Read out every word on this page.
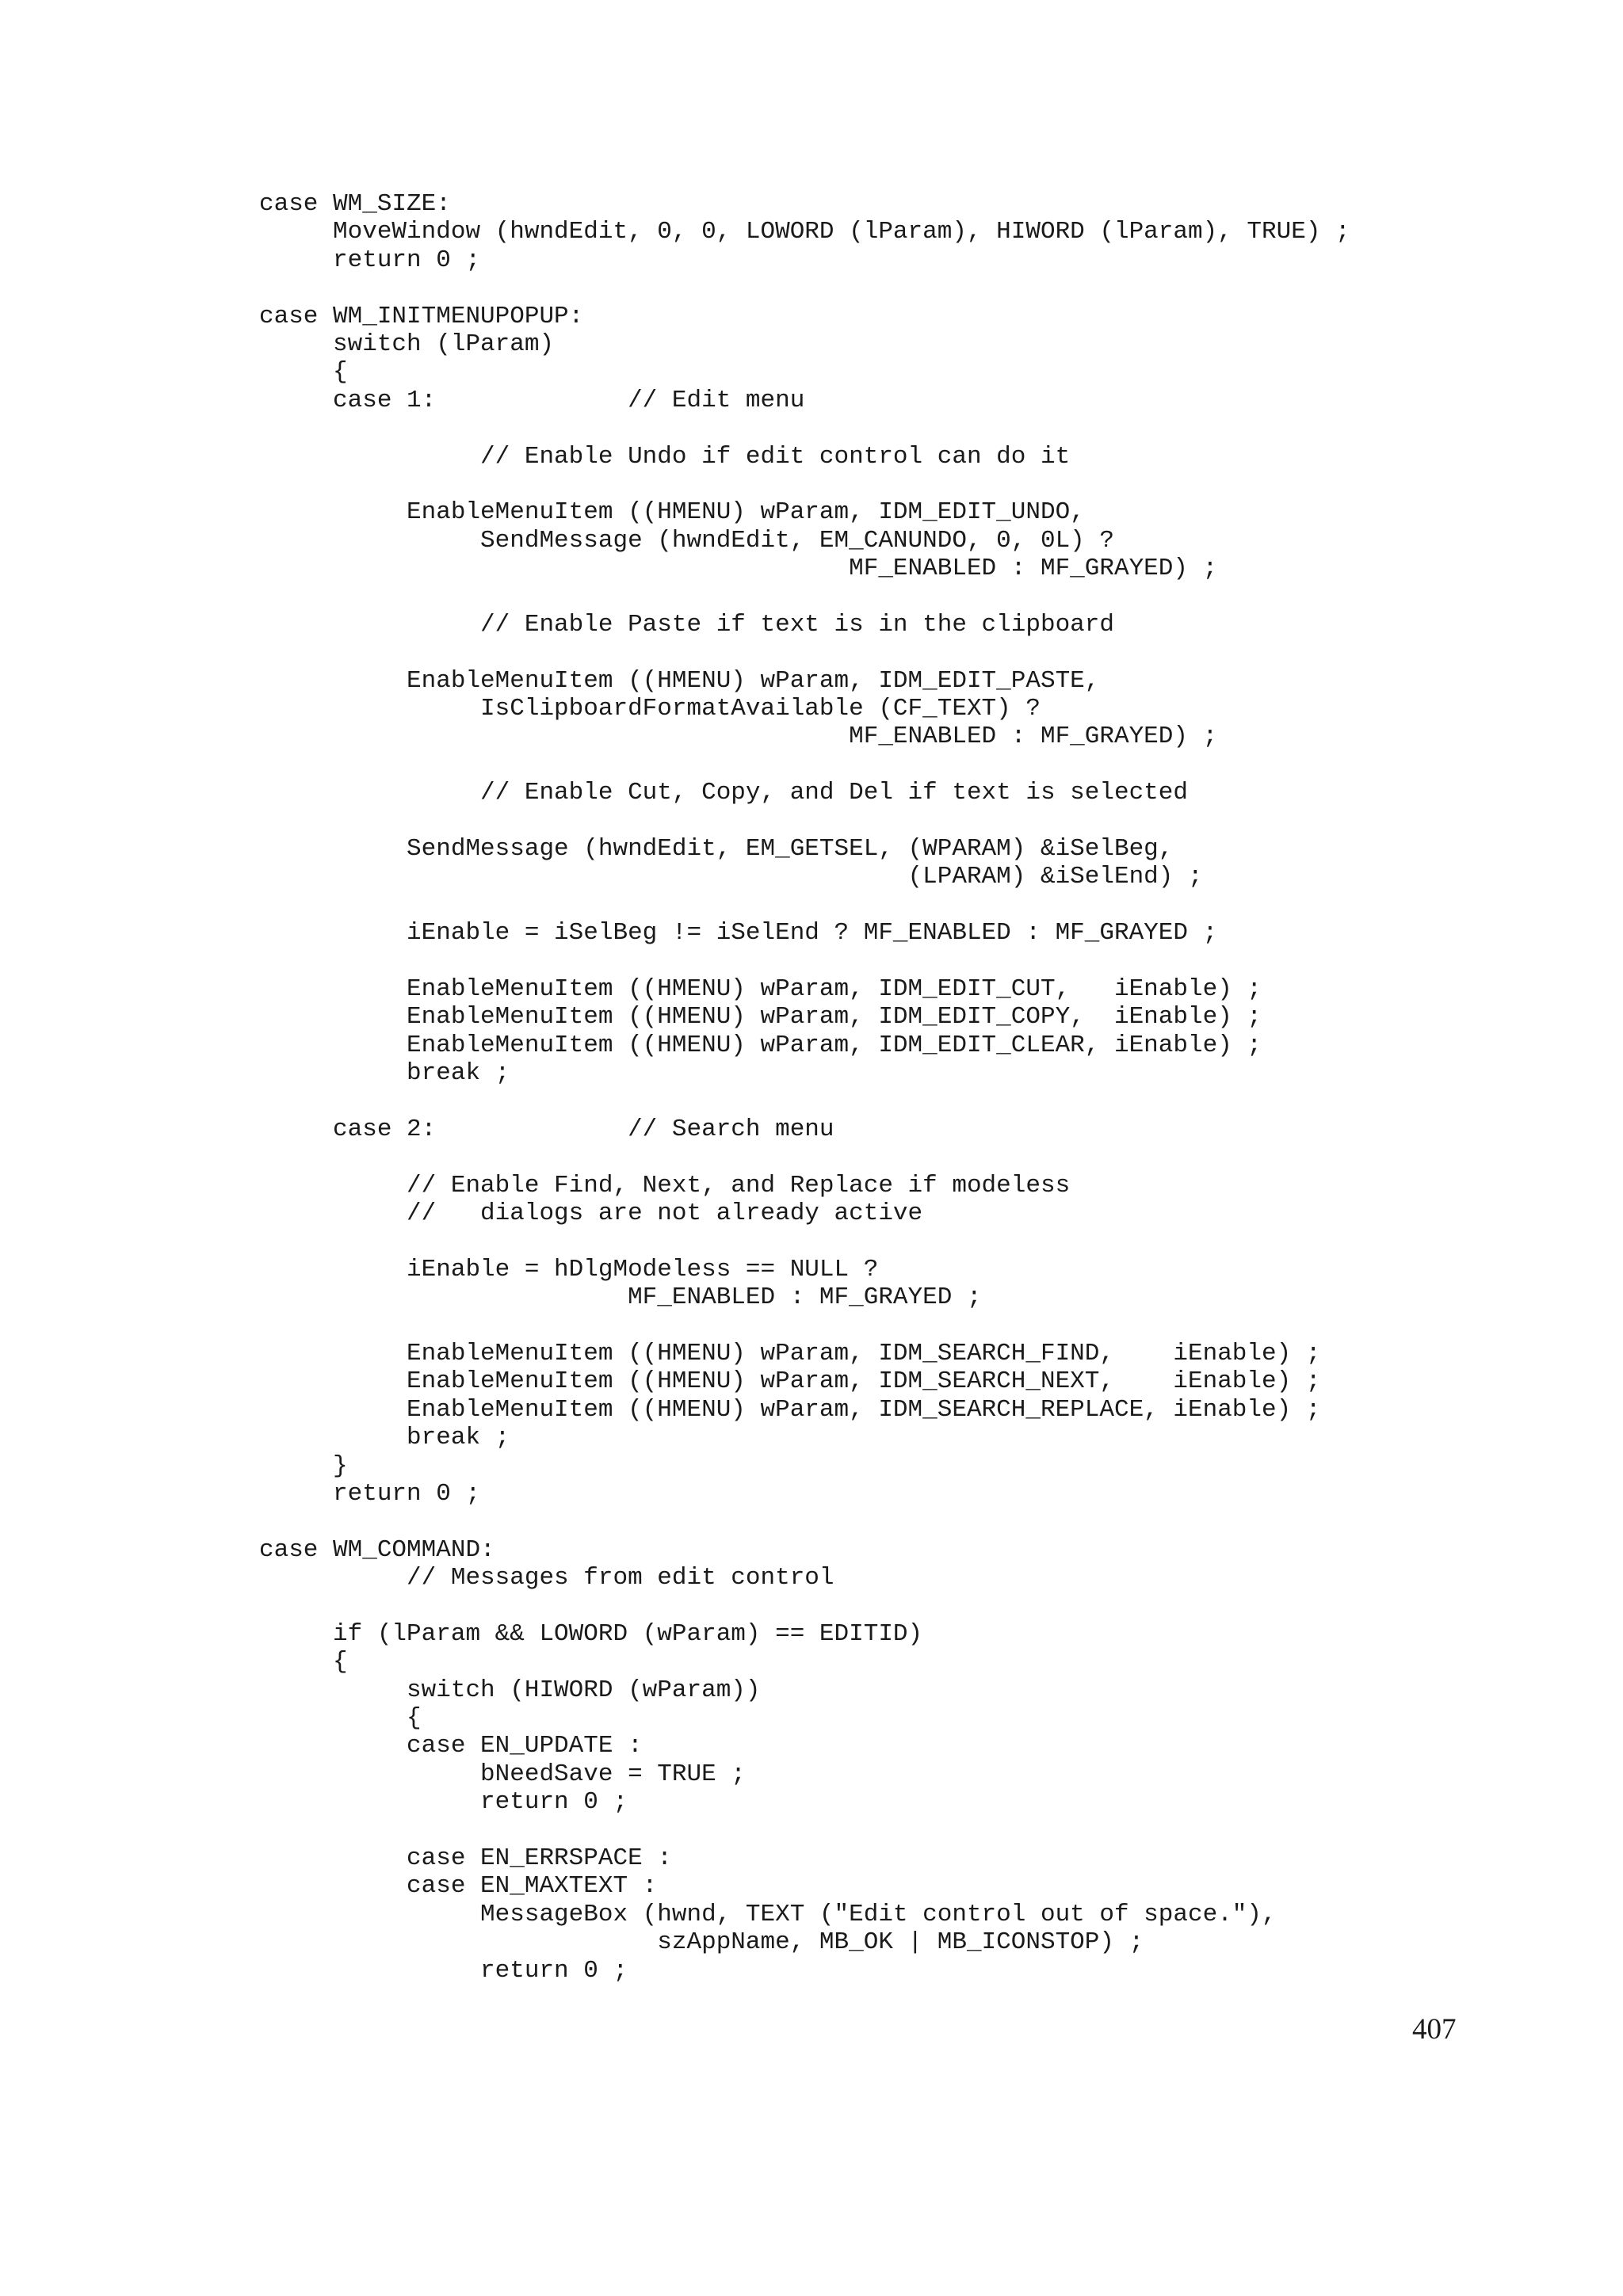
case WM_SIZE:
MoveWindow (hwndEdit, 0, 0, LOWORD (lParam), HIWORD (lParam), TRUE) ;
return 0 ;
case WM_INITMENUPOPUP:
switch (lParam)
{
case 1:             // Edit menu
// Enable Undo if edit control can do it
EnableMenuItem ((HMENU) wParam, IDM_EDIT_UNDO,
SendMessage (hwndEdit, EM_CANUNDO, 0, 0L) ?
MF_ENABLED : MF_GRAYED) ;
// Enable Paste if text is in the clipboard
EnableMenuItem ((HMENU) wParam, IDM_EDIT_PASTE,
IsClipboardFormatAvailable (CF_TEXT) ?
MF_ENABLED : MF_GRAYED) ;
// Enable Cut, Copy, and Del if text is selected
SendMessage (hwndEdit, EM_GETSEL, (WPARAM) &iSelBeg,
(LPARAM) &iSelEnd) ;
iEnable = iSelBeg != iSelEnd ? MF_ENABLED : MF_GRAYED ;
EnableMenuItem ((HMENU) wParam, IDM_EDIT_CUT,   iEnable) ;
EnableMenuItem ((HMENU) wParam, IDM_EDIT_COPY,  iEnable) ;
EnableMenuItem ((HMENU) wParam, IDM_EDIT_CLEAR, iEnable) ;
break ;
case 2:             // Search menu
// Enable Find, Next, and Replace if modeless
//   dialogs are not already active
iEnable = hDlgModeless == NULL ?
MF_ENABLED : MF_GRAYED ;
EnableMenuItem ((HMENU) wParam, IDM_SEARCH_FIND,    iEnable) ;
EnableMenuItem ((HMENU) wParam, IDM_SEARCH_NEXT,    iEnable) ;
EnableMenuItem ((HMENU) wParam, IDM_SEARCH_REPLACE, iEnable) ;
break ;
}
return 0 ;
case WM_COMMAND:
// Messages from edit control
if (lParam && LOWORD (wParam) == EDITID)
{
switch (HIWORD (wParam))
{
case EN_UPDATE :
bNeedSave = TRUE ;
return 0 ;
case EN_ERRSPACE :
case EN_MAXTEXT :
MessageBox (hwnd, TEXT ("Edit control out of space."),
szAppName, MB_OK | MB_ICONSTOP) ;
return 0 ;
407
